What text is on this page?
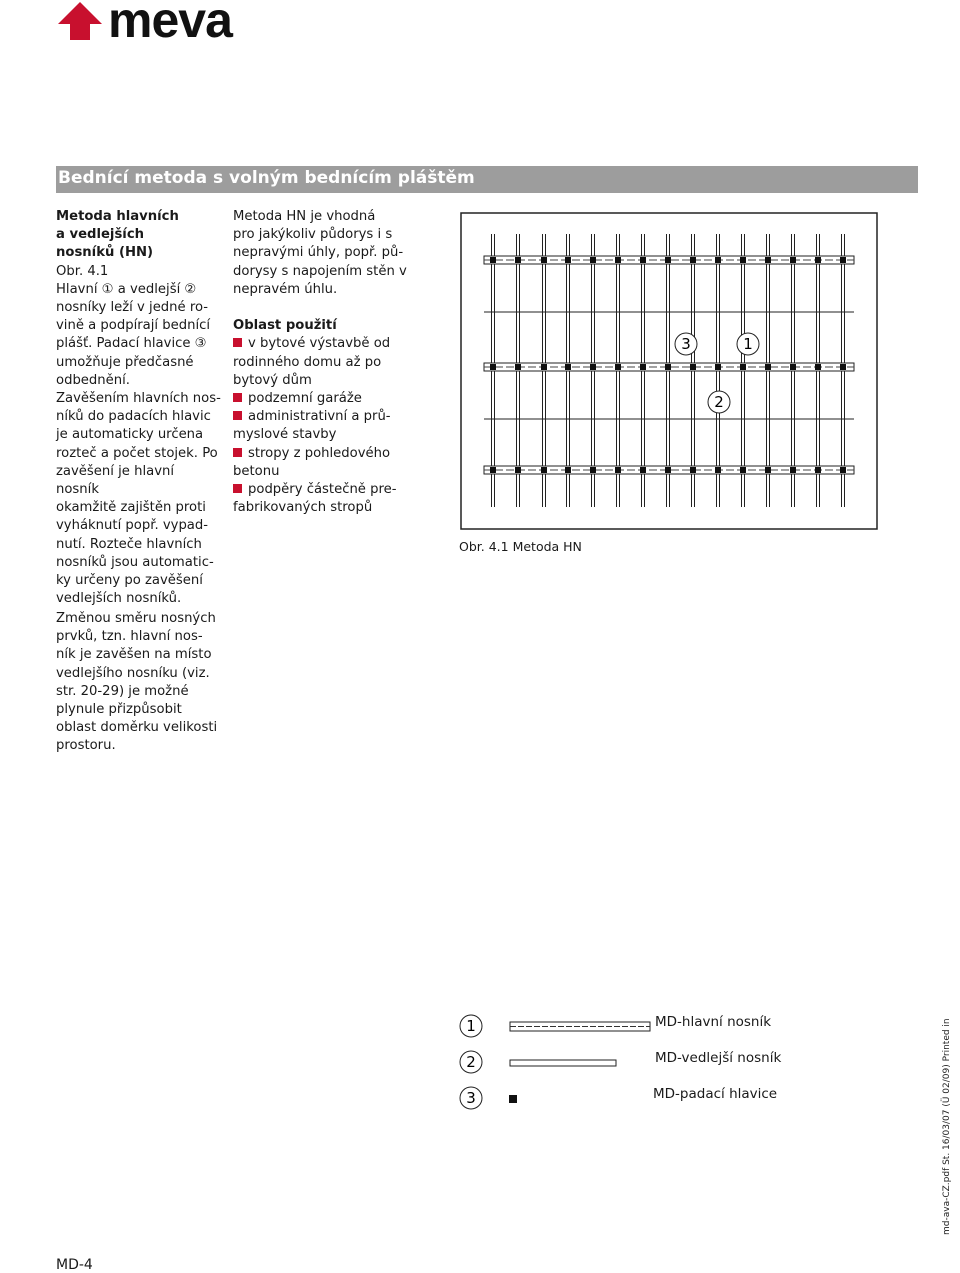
meva
Bednící metoda s volným bednícím pláštěm

Metoda hlavních

a vedlejších

nosníků (HN)

Obr. 4.1

Hlavní ① a vedlejší ②

nosníky leží v jedné ro-

vině a podpírají bednící

plášť. Padací hlavice ③

umožňuje předčasné

odbednění.

Zavěšením hlavních nos-

níků do padacích hlavic

je automaticky určena

rozteč a počet stojek. Po

zavěšení je hlavní nosník

okamžitě zajištěn proti

vyháknutí popř. vypad-

nutí. Rozteče hlavních

nosníků jsou automatic-

ky určeny po zavěšení

vedlejších nosníků.

Změnou směru nosných

prvků, tzn. hlavní nos-

ník je zavěšen na místo

vedlejšího nosníku (viz.

str. 20-29) je možné

plynule přizpůsobit

oblast doměrku velikosti

prostoru.

Metoda HN je vhodná

pro jakýkoliv půdorys i s

nepravými úhly, popř. pů-

dorysy s napojením stěn v

nepravém úhlu.

Oblast použití

v bytové výstavbě od

rodinného domu až po

bytový dům

podzemní garáže

administrativní a prů-

myslové stavby

stropy z pohledového

betonu

podpěry částečně pre-

fabrikovaných stropů

3	1
2
Obr. 4.1 Metoda HN
1
2
3
MD-hlavní nosník
MD-vedlejší nosník
MD-padací hlavice	md-ava-CZ.pdf St. 16/03/07 (Ü 02/09) Printed in Germany
MD-4
